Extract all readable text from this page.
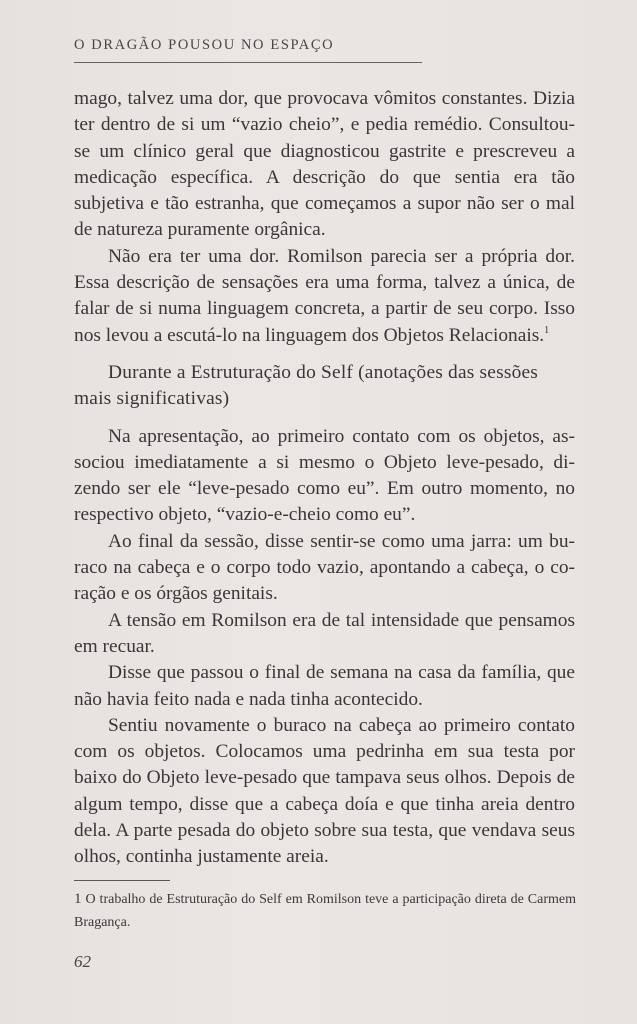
O DRAGÃO POUSOU NO ESPAÇO

mago, talvez uma dor, que provocava vômitos constantes. Dizia ter dentro de si um “vazio cheio”, e pedia remédio. Consultou-se um clínico geral que diagnosticou gastrite e prescreveu a medicação específica. A descrição do que sentia era tão subjetiva e tão estranha, que começamos a supor não ser o mal de natureza puramente orgânica.

Não era ter uma dor. Romilson parecia ser a própria dor. Essa descrição de sensações era uma forma, talvez a única, de falar de si numa linguagem concreta, a partir de seu corpo. Isso nos levou a escutá-lo na linguagem dos Objetos Relacionais.$^1$

Durante a Estruturação do Self (anotações das sessões mais significativas)

Na apresentação, ao primeiro contato com os objetos, associou imediatamente a si mesmo o Objeto leve-pesado, dizendo ser ele “leve-pesado como eu”. Em outro momento, no respectivo objeto, “vazio-e-cheio como eu”.

Ao final da sessão, disse sentir-se como uma jarra: um buraco na cabeça e o corpo todo vazio, apontando a cabeça, o coração e os órgãos genitais.

A tensão em Romilson era de tal intensidade que pensamos em recuar.

Disse que passou o final de semana na casa da família, que não havia feito nada e nada tinha acontecido.

Sentiu novamente o buraco na cabeça ao primeiro contato com os objetos. Colocamos uma pedrinha em sua testa por baixo do Objeto leve-pesado que tampava seus olhos. Depois de algum tempo, disse que a cabeça doía e que tinha areia dentro dela. A parte pesada do objeto sobre sua testa, que vendava seus olhos, continha justamente areia.

1 O trabalho de Estruturação do Self em Romilson teve a participação direta de Carmem Bragança.
62
